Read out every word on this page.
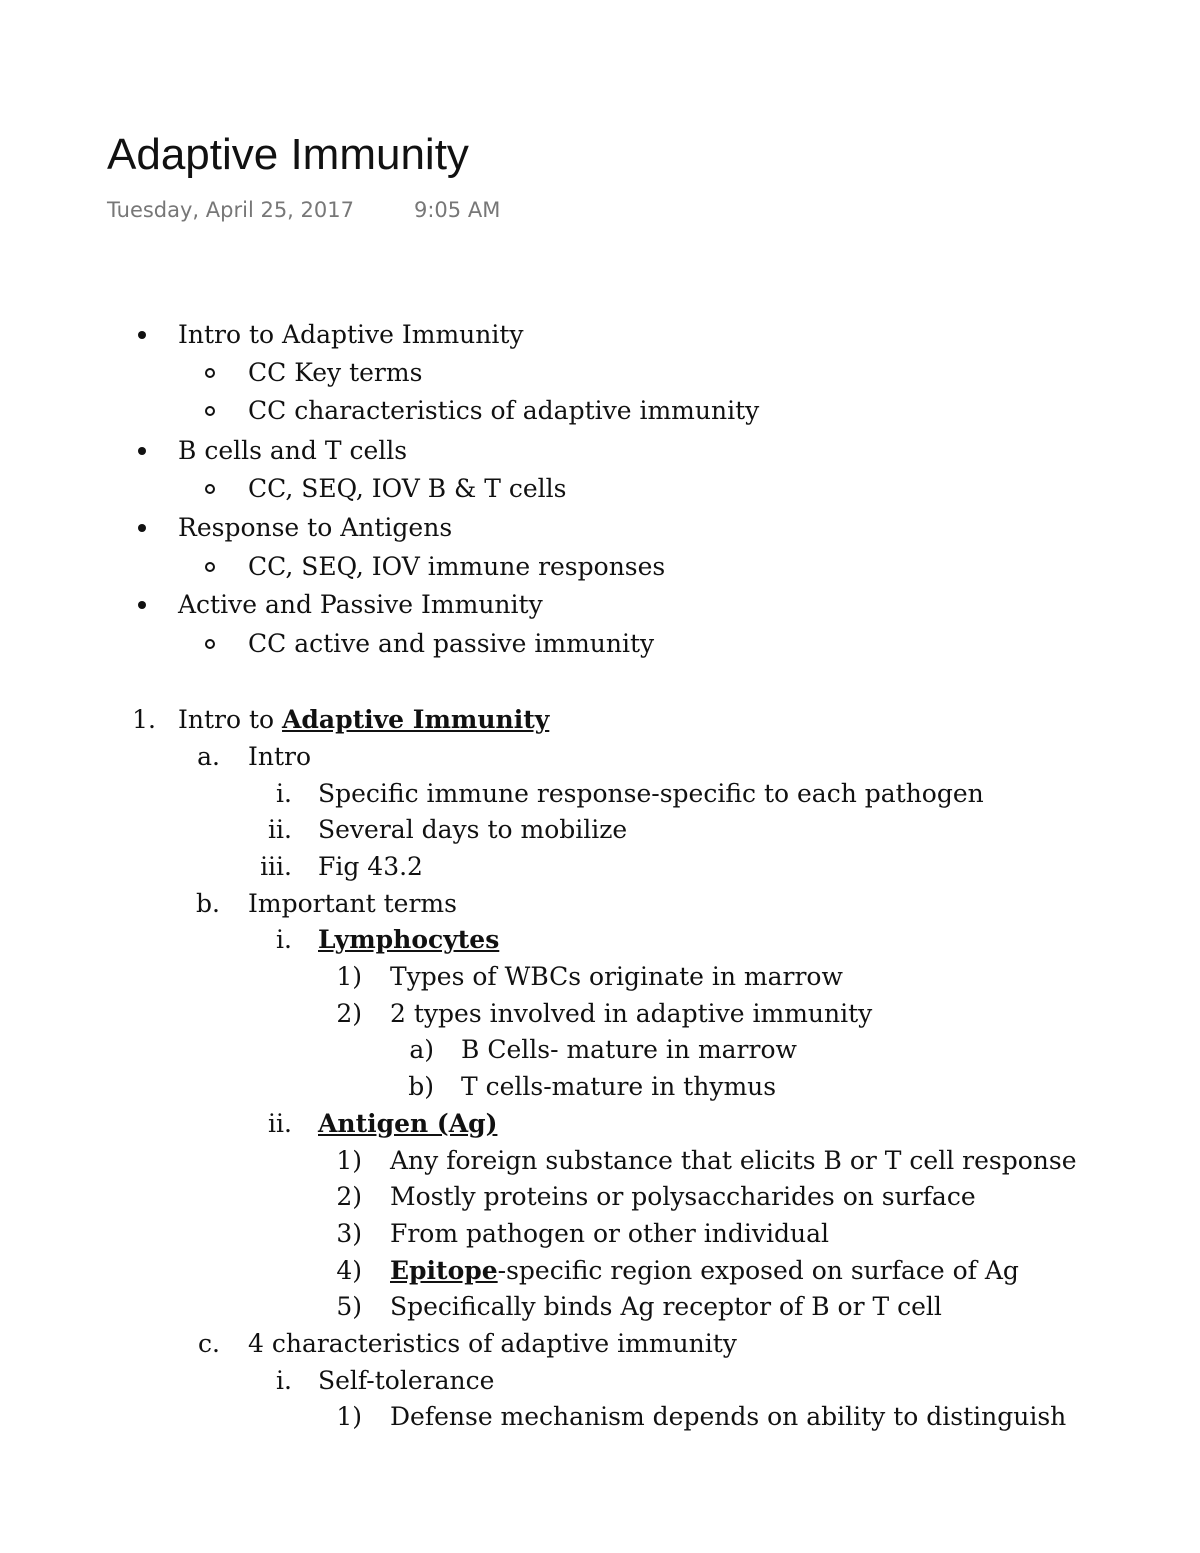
Adaptive Immunity
Tuesday, April 25, 2017	9:05 AM
Intro to Adaptive Immunity
CC Key terms
CC characteristics of adaptive immunity
B cells and T cells
CC, SEQ, IOV B & T cells
Response to Antigens
CC, SEQ, IOV immune responses
Active and Passive Immunity
CC active and passive immunity
1. Intro to Adaptive Immunity
a. Intro
i. Specific immune response-specific to each pathogen
ii. Several days to mobilize
iii. Fig 43.2
b. Important terms
i. Lymphocytes
1) Types of WBCs originate in marrow
2) 2 types involved in adaptive immunity
a) B Cells- mature in marrow
b) T cells-mature in thymus
ii. Antigen (Ag)
1) Any foreign substance that elicits B or T cell response
2) Mostly proteins or polysaccharides on surface
3) From pathogen or other individual
4) Epitope-specific region exposed on surface of Ag
5) Specifically binds Ag receptor of B or T cell
c. 4 characteristics of adaptive immunity
i. Self-tolerance
1) Defense mechanism depends on ability to distinguish
